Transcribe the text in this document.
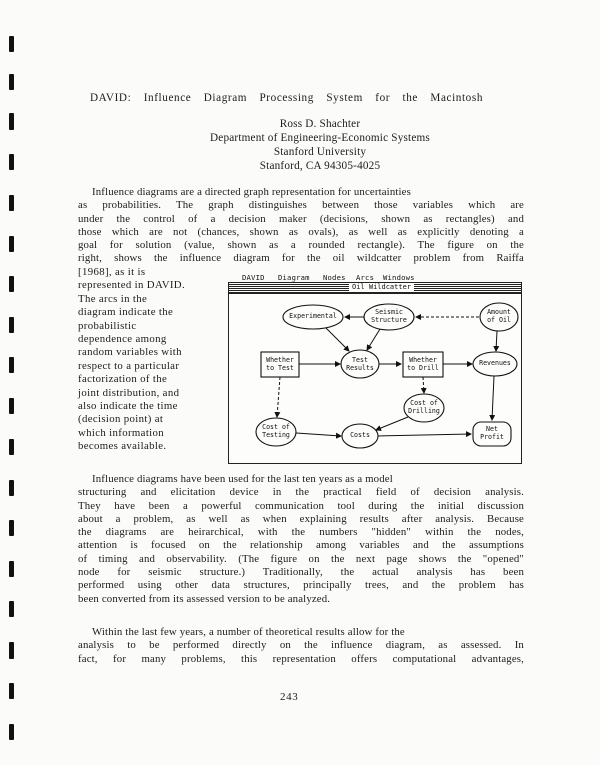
DAVID: Influence Diagram Processing System for the Macintosh
Ross D. Shachter
Department of Engineering-Economic Systems
Stanford University
Stanford, CA 94305-4025
Influence diagrams are a directed graph representation for uncertainties
as probabilities. The graph distinguishes between those variables which are
under the control of a decision maker (decisions, shown as rectangles) and
those which are not (chances, shown as ovals), as well as explicitly denoting a
goal for solution (value, shown as a rounded rectangle). The figure on the
right, shows the influence diagram for the oil wildcatter problem from Raiffa
[1968], as it is
represented in DAVID.
The arcs in the
diagram indicate the
probabilistic
dependence among
random variables with
respect to a particular
factorization of the
joint distribution, and
also indicate the time
(decision point) at
which information
becomes available.
DAVID Diagram Nodes Arcs Windows
Oil Wildcatter
Experimental	Seismic
Structure
Amount
of Oil
Whether
to Test
Test
Results
Whether
to Drill
Revenues
Cost of
Drilling
Cost of
Testing	Costs
Net
Profit
Influence diagrams have been used for the last ten years as a model
structuring and elicitation device in the practical field of decision analysis.
They have been a powerful communication tool during the initial discussion
about a problem, as well as when explaining results after analysis. Because
the diagrams are heirarchical, with the numbers "hidden" within the nodes,
attention is focused on the relationship among variables and the assumptions
of timing and observability. (The figure on the next page shows the "opened"
node for seismic structure.) Traditionally, the actual analysis has been
performed using other data structures, principally trees, and the problem has
been converted from its assessed version to be analyzed.
Within the last few years, a number of theoretical results allow for the
analysis to be performed directly on the influence diagram, as assessed. In
fact, for many problems, this representation offers computational advantages,
243
